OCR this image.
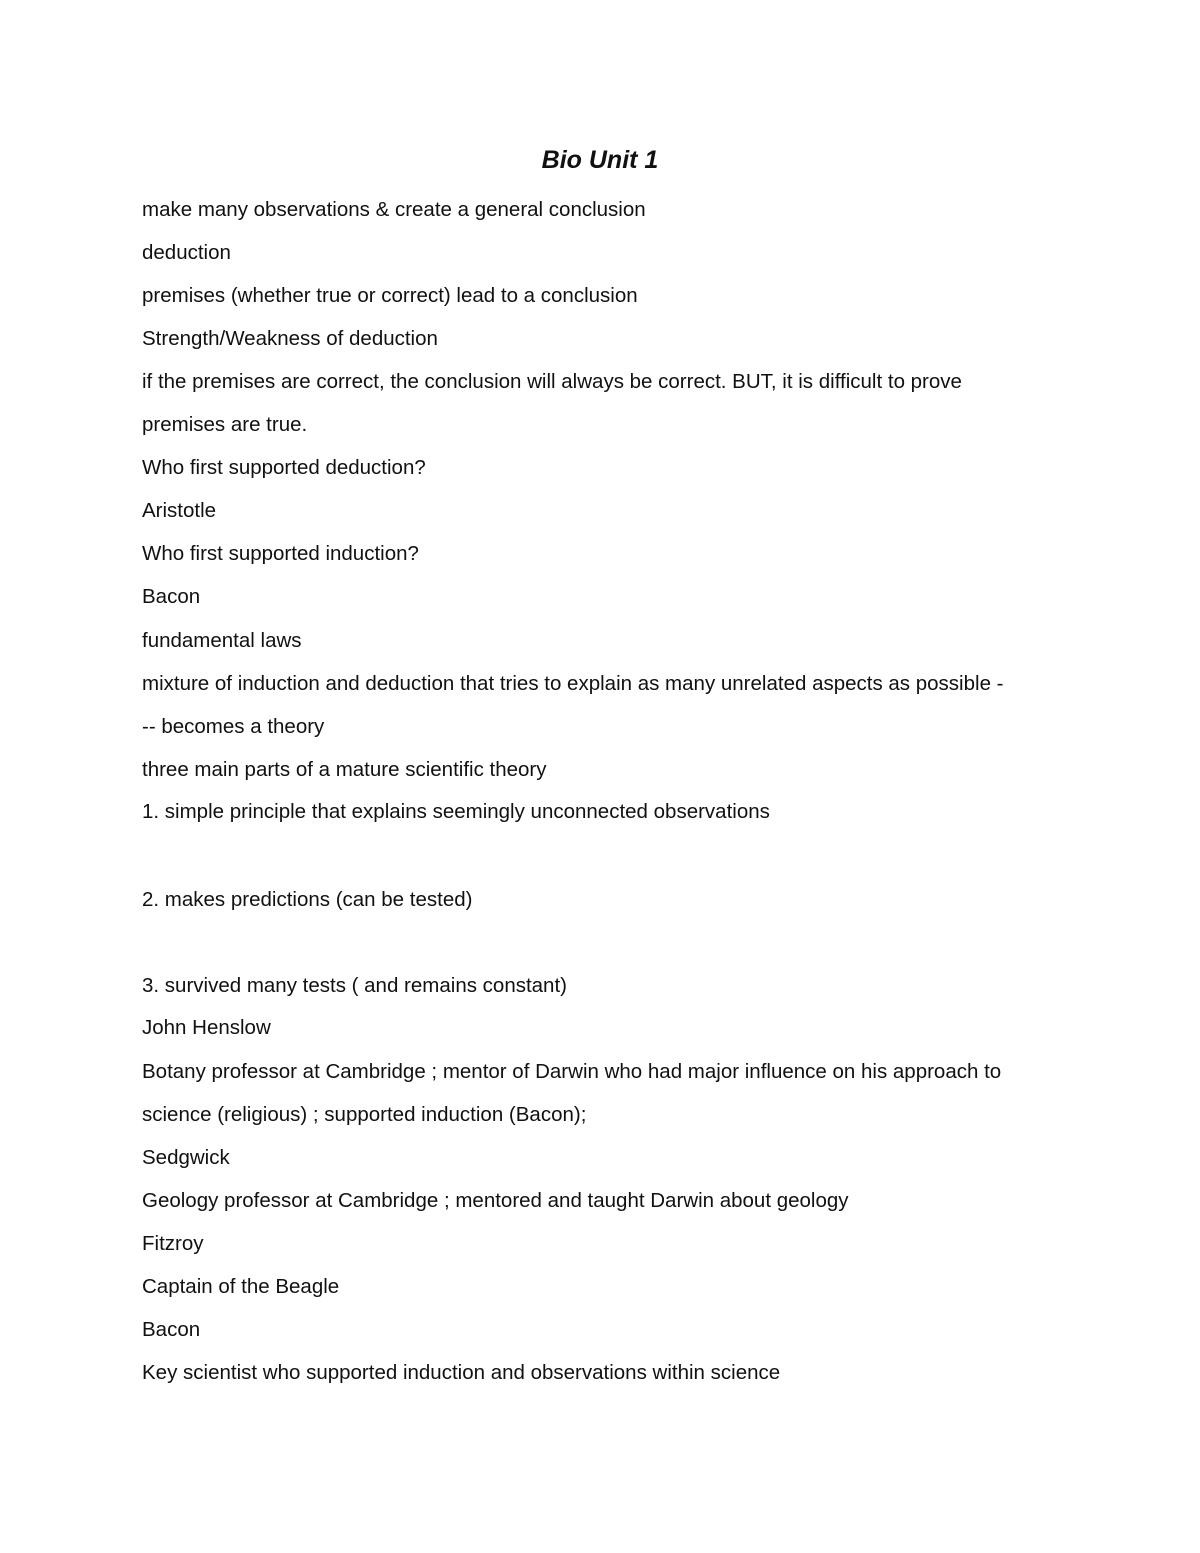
Bio Unit 1
make many observations & create a general conclusion
deduction
premises (whether true or correct) lead to a conclusion
Strength/Weakness of deduction
if the premises are correct, the conclusion will always be correct. BUT, it is difficult to prove
premises are true.
Who first supported deduction?
Aristotle
Who first supported induction?
Bacon
fundamental laws
mixture of induction and deduction that tries to explain as many unrelated aspects as possible -
-- becomes a theory
three main parts of a mature scientific theory
1. simple principle that explains seemingly unconnected observations
2. makes predictions (can be tested)
3. survived many tests ( and remains constant)
John Henslow
Botany professor at Cambridge ; mentor of Darwin who had major influence on his approach to
science (religious) ; supported induction (Bacon);
Sedgwick
Geology professor at Cambridge ; mentored and taught Darwin about geology
Fitzroy
Captain of the Beagle
Bacon
Key scientist who supported induction and observations within science
